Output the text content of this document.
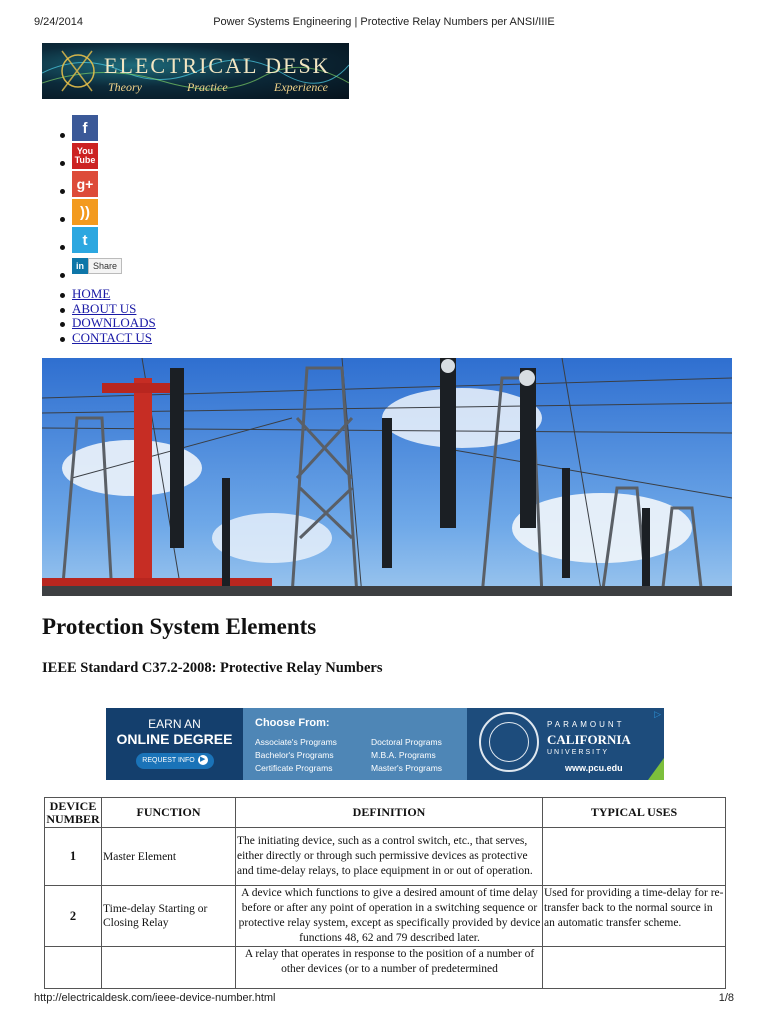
9/24/2014	Power Systems Engineering | Protective Relay Numbers per ANSI/IIIE
ELECTRICAL DESK
Theory	Practice	Experience
f
You Tube
g+
))
t
in	Share
HOME
ABOUT US
DOWNLOADS
CONTACT US
Protection System Elements
IEEE Standard C37.2-2008: Protective Relay Numbers
EARN AN
ONLINE DEGREE
REQUEST INFO ▶
Choose From:
Associate's Programs
Bachelor's Programs
Certificate Programs
Doctoral Programs
M.B.A. Programs
Master's Programs
PARAMOUNT
CALIFORNIA
UNIVERSITY
www.pcu.edu
▷
DEVICE NUMBER	FUNCTION	DEFINITION	TYPICAL USES
1	Master Element	The initiating device, such as a control switch, etc., that serves, either directly or through such permissive devices as protective and time-delay relays, to place equipment in or out of operation.	
2	Time-delay Starting or Closing Relay	A device which functions to give a desired amount of time delay before or after any point of operation in a switching sequence or protective relay system, except as specifically provided by device functions 48, 62 and 79 described later.	Used for providing a time-delay for re-transfer back to the normal source in an automatic transfer scheme.
		A relay that operates in response to the position of a number of other devices (or to a number of predetermined	
http://electricaldesk.com/ieee-device-number.html	1/8
